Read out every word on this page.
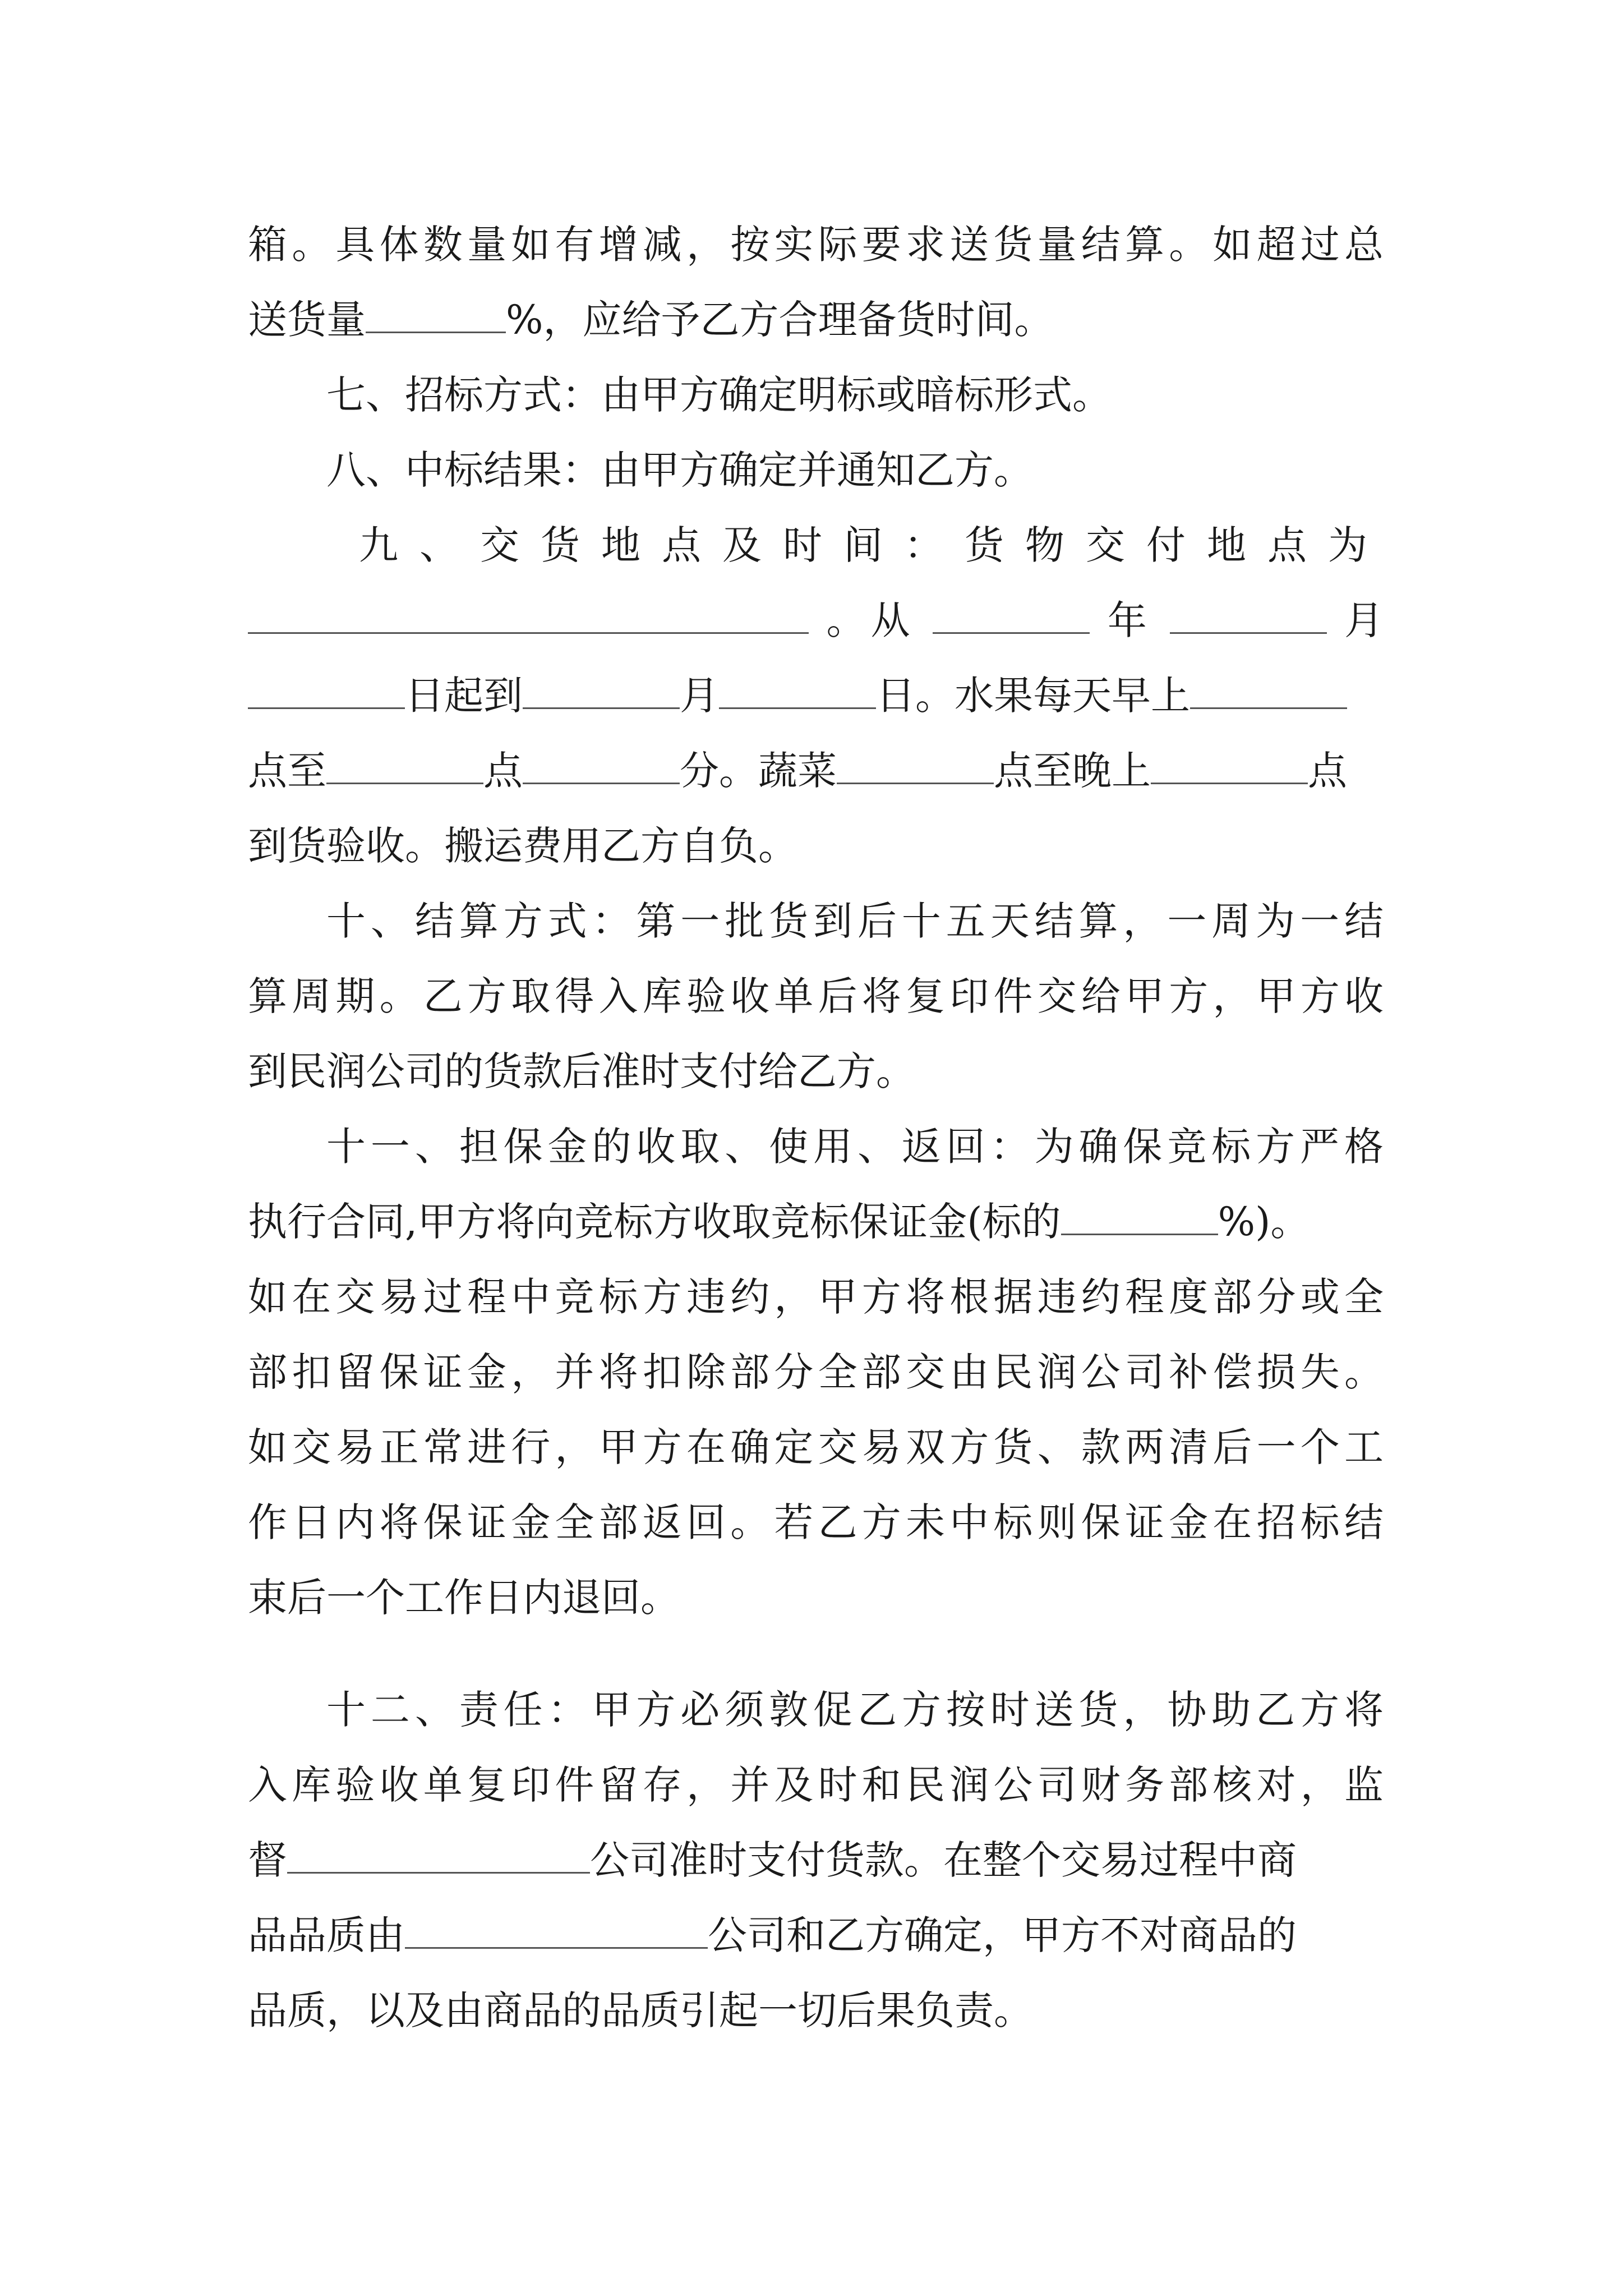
箱。具体数量如有增减，按实际要求送货量结算。如超过总
送货量	%，应给予乙方合理备货时间。
七、招标方式：由甲方确定明标或暗标形式。
八、中标结果：由甲方确定并通知乙方。
九、交货地点及时间：货物交付地点为
。从	年	月
日起到	月	日。水果每天早上
点至	点	分。蔬菜	点至晚上	点
到货验收。搬运费用乙方自负。
十、结算方式：第一批货到后十五天结算，一周为一结
算周期。乙方取得入库验收单后将复印件交给甲方，甲方收
到民润公司的货款后准时支付给乙方。
十一、担保金的收取、使用、返回：为确保竞标方严格
执行合同,甲方将向竞标方收取竞标保证金(标的	%)。
如在交易过程中竞标方违约，甲方将根据违约程度部分或全
部扣留保证金，并将扣除部分全部交由民润公司补偿损失。
如交易正常进行，甲方在确定交易双方货、款两清后一个工
作日内将保证金全部返回。若乙方未中标则保证金在招标结
束后一个工作日内退回。
十二、责任：甲方必须敦促乙方按时送货，协助乙方将
入库验收单复印件留存，并及时和民润公司财务部核对，监
督	公司准时支付货款。在整个交易过程中商
品品质由	公司和乙方确定，甲方不对商品的
品质，以及由商品的品质引起一切后果负责。
